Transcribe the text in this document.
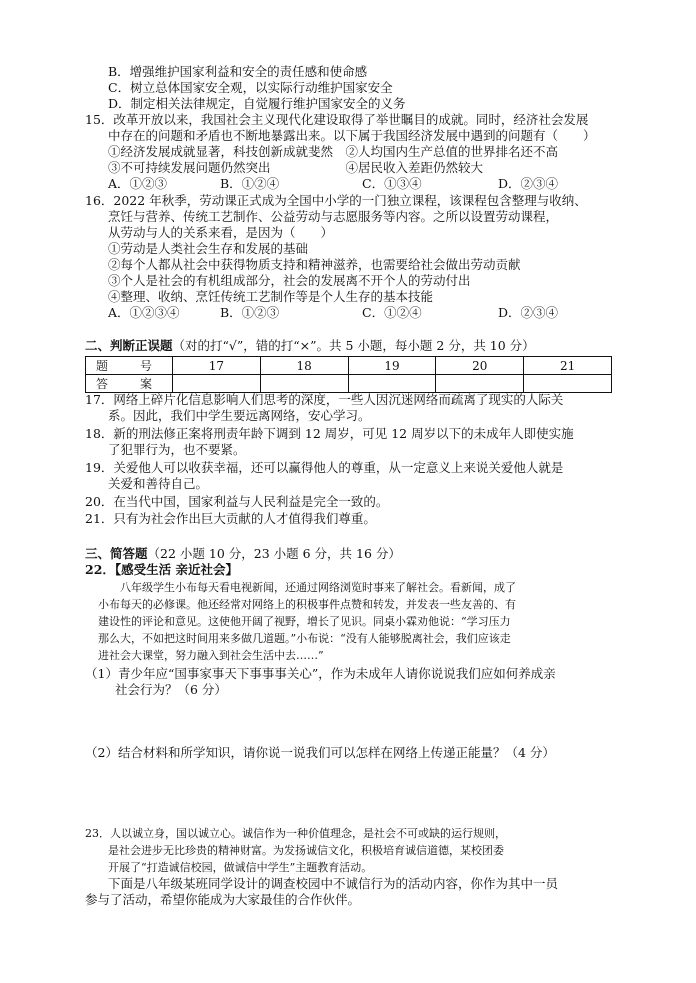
B．增强维护国家利益和安全的责任感和使命感
C．树立总体国家安全观，以实际行动维护国家安全
D．制定相关法律规定，自觉履行维护国家安全的义务
15．改革开放以来，我国社会主义现代化建设取得了举世瞩目的成就。同时，经济社会发展
中存在的问题和矛盾也不断地暴露出来。以下属于我国经济发展中遇到的问题有（　　）
①经济发展成就显著，科技创新成就斐然　②人均国内生产总值的世界排名还不高
③不可持续发展问题仍然突出　　　　　　④居民收入差距仍然较大
A．①②③	B．①②④	C．①③④	D．②③④
16．2022 年秋季，劳动课正式成为全国中小学的一门独立课程，该课程包含整理与收纳、
烹饪与营养、传统工艺制作、公益劳动与志愿服务等内容。之所以设置劳动课程，
从劳动与人的关系来看，是因为（　　）
①劳动是人类社会生存和发展的基础
②每个人都从社会中获得物质支持和精神滋养，也需要给社会做出劳动贡献
③个人是社会的有机组成部分，社会的发展离不开个人的劳动付出
④整理、收纳、烹饪传统工艺制作等是个人生存的基本技能
A．①②③④	B．①②③	C．①②④	D．②③④
二、判断正误题（对的打“√”，错的打“×”。共 5 小题，每小题 2 分，共 10 分）
题　号	17	18	19	20	21
答　案					
17．网络上碎片化信息影响人们思考的深度，一些人因沉迷网络而疏离了现实的人际关
系。因此，我们中学生要远离网络，安心学习。
18．新的刑法修正案将刑责年龄下调到 12 周岁，可见 12 周岁以下的未成年人即使实施
了犯罪行为，也不要紧。
19．关爱他人可以收获幸福，还可以赢得他人的尊重，从一定意义上来说关爱他人就是
关爱和善待自己。
20．在当代中国，国家利益与人民利益是完全一致的。
21．只有为社会作出巨大贡献的人才值得我们尊重。
三、简答题（22 小题 10 分，23 小题 6 分，共 16 分）
22．【感受生活 亲近社会】
八年级学生小布每天看电视新闻，还通过网络浏览时事来了解社会。看新闻，成了
小布每天的必修课。他还经常对网络上的积极事件点赞和转发，并发表一些友善的、有
建设性的评论和意见。这使他开阔了视野，增长了见识。同桌小霖劝他说：“学习压力
那么大，不如把这时间用来多做几道题。”小布说：“没有人能够脱离社会，我们应该走
进社会大课堂，努力融入到社会生活中去……”
（1）青少年应“国事家事天下事事事关心”，作为未成年人请你说说我们应如何养成亲
社会行为？（6 分）
（2）结合材料和所学知识，请你说一说我们可以怎样在网络上传递正能量？（4 分）
23．人以诚立身，国以诚立心。诚信作为一种价值理念，是社会不可或缺的运行规则，
是社会进步无比珍贵的精神财富。为发扬诚信文化，积极培育诚信道德，某校团委
开展了“打造诚信校园，做诚信中学生”主题教育活动。
下面是八年级某班同学设计的调查校园中不诚信行为的活动内容，你作为其中一员
参与了活动，希望你能成为大家最佳的合作伙伴。
